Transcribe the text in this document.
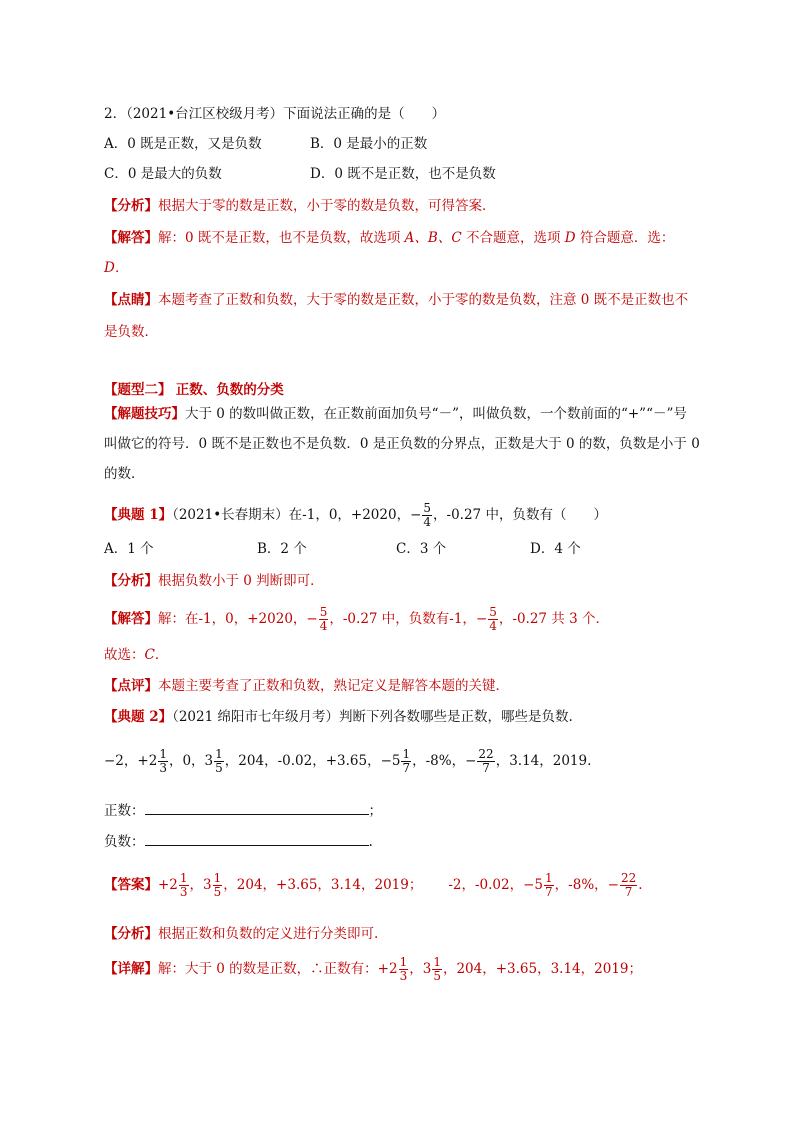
2．（2021•台江区校级月考）下面说法正确的是（　　）
A．0 既是正数，又是负数	B．0 是最小的正数
C．0 是最大的负数	D．0 既不是正数，也不是负数
【分析】根据大于零的数是正数，小于零的数是负数，可得答案．
【解答】解：0 既不是正数，也不是负数，故选项 A、B、C 不合题意，选项 D 符合题意．选：
D．
【点睛】本题考查了正数和负数，大于零的数是正数，小于零的数是负数，注意 0 既不是正数也不
是负数．
【题型二】 正数、负数的分类
【解题技巧】大于 0 的数叫做正数，在正数前面加负号“－”，叫做负数，一个数前面的“+”“－”号
叫做它的符号．0 既不是正数也不是负数．0 是正负数的分界点，正数是大于 0 的数，负数是小于 0
的数．
【典题 1】（2021•长春期末）在-1，0，+2020，− $\frac{5}{4}$ ，-0.27 中，负数有（　　）
A．1 个	B．2 个	C．3 个	D．4 个
【分析】根据负数小于 0 判断即可．
【解答】解：在-1，0，+2020，− $\frac{5}{4}$ ，-0.27 中，负数有-1，− $\frac{5}{4}$ ，-0.27 共 3 个．
故选：C．
【点评】本题主要考查了正数和负数，熟记定义是解答本题的关键．
【典题 2】（2021 绵阳市七年级月考）判断下列各数哪些是正数，哪些是负数.
−2，$+2 \frac{1}{3}$ ，0，$3 \frac{1}{5}$ ，204，-0.02，+3.65，$-5 \frac{1}{7}$ ，-8%，− $\frac{22}{7}$ ，3.14，2019.
正数：	；
负数：	.
【答案】$+2 \frac{1}{3}$ ，$3 \frac{1}{5}$ ，204，+3.65，3.14，2019； -2，-0.02，$-5 \frac{1}{7}$ ，-8%，− $\frac{22}{7}$ .
【分析】根据正数和负数的定义进行分类即可.
【详解】解：大于 0 的数是正数，∴正数有：$+2 \frac{1}{3}$ ，$3 \frac{1}{5}$ ，204，+3.65，3.14，2019；
